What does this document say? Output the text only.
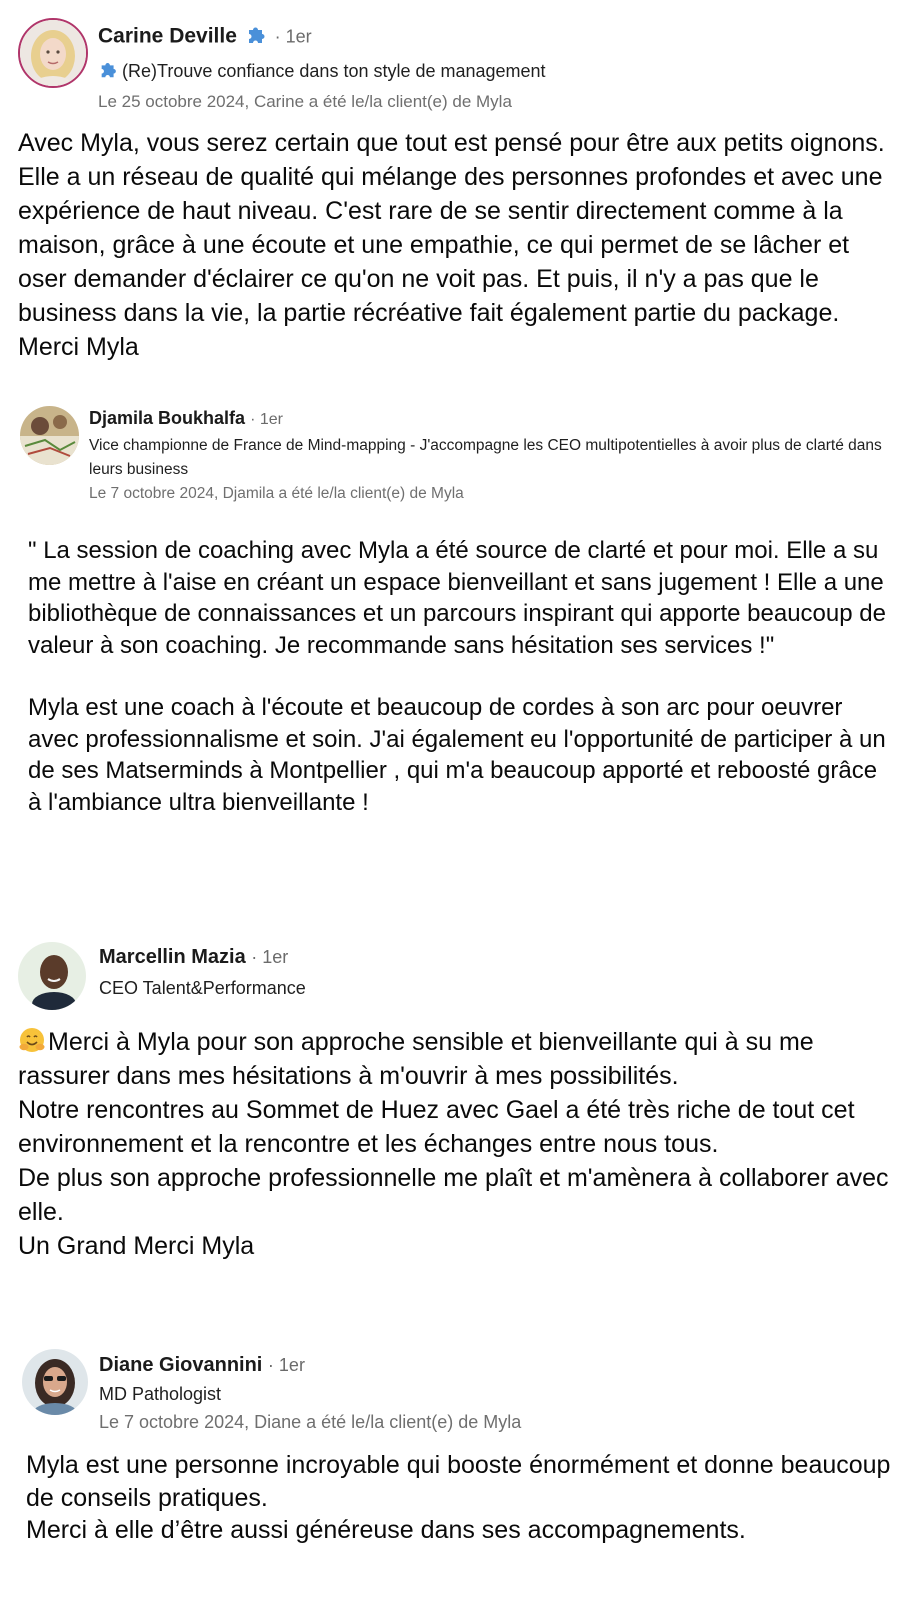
Carine Deville · 1er
(Re)Trouve confiance dans ton style de management
Le 25 octobre 2024, Carine a été le/la client(e) de Myla

Avec Myla, vous serez certain que tout est pensé pour être aux petits oignons. Elle a un réseau de qualité qui mélange des personnes profondes et avec une expérience de haut niveau. C'est rare de se sentir directement comme à la maison, grâce à une écoute et une empathie, ce qui permet de se lâcher et oser demander d'éclairer ce qu'on ne voit pas. Et puis, il n'y a pas que le business dans la vie, la partie récréative fait également partie du package. Merci Myla

Djamila Boukhalfa · 1er
Vice championne de France de Mind-mapping - J'accompagne les CEO multipotentielles à avoir plus de clarté dans leurs business
Le 7 octobre 2024, Djamila a été le/la client(e) de Myla

" La session de coaching avec Myla a été source de clarté et pour moi. Elle a su me mettre à l'aise en créant un espace bienveillant et sans jugement ! Elle a une bibliothèque de connaissances et un parcours inspirant qui apporte beaucoup de valeur à son coaching. Je recommande sans hésitation ses services !"

Myla est une coach à l'écoute et beaucoup de cordes à son arc pour oeuvrer avec professionnalisme et soin. J'ai également eu l'opportunité de participer à un de ses Matserminds à Montpellier , qui m'a beaucoup apporté et reboosté grâce à l'ambiance ultra bienveillante !

Marcellin Mazia · 1er
CEO Talent&Performance

Merci à Myla pour son approche sensible et bienveillante qui à su me rassurer dans mes hésitations à m'ouvrir à mes possibilités.

Notre rencontres au Sommet de Huez avec Gael a été très riche de tout cet environnement et la rencontre et les échanges entre nous tous.

De plus son approche professionnelle me plaît et m'amènera à collaborer avec elle.

Un Grand Merci Myla

Diane Giovannini · 1er
MD Pathologist
Le 7 octobre 2024, Diane a été le/la client(e) de Myla

Myla est une personne incroyable qui booste énormément et donne beaucoup de conseils pratiques.

Merci à elle d’être aussi généreuse dans ses accompagnements.
